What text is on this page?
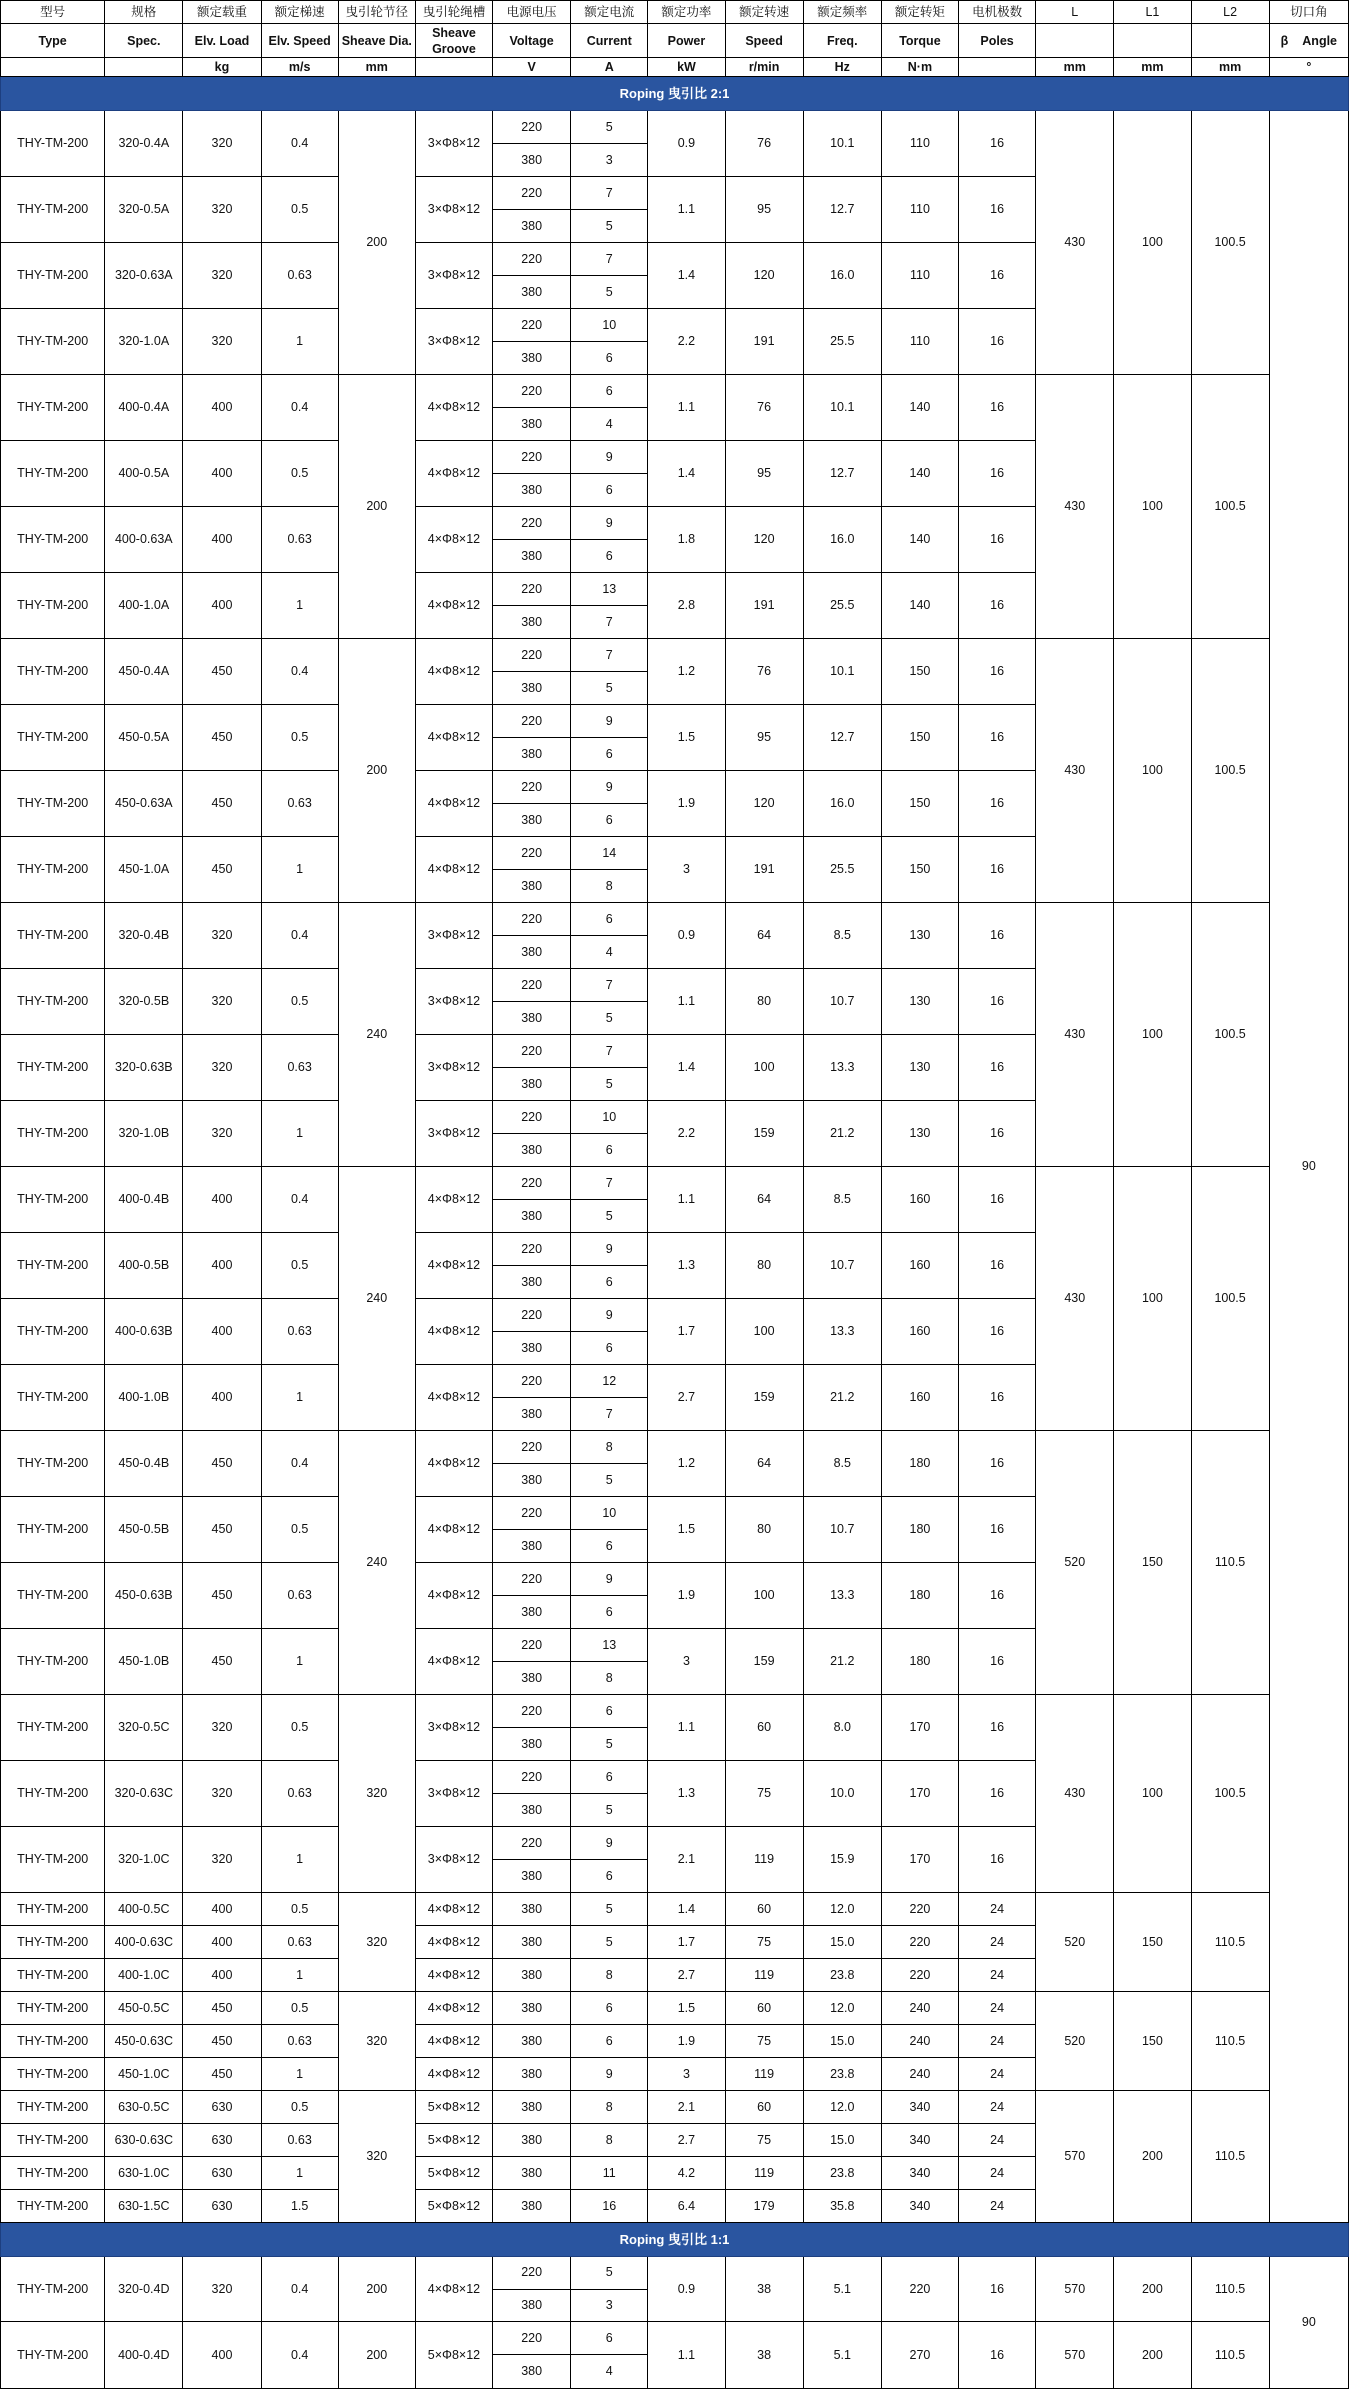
型号	规格	额定载重	额定梯速	曳引轮节径	曳引轮绳槽	电源电压	额定电流	额定功率	额定转速	额定频率	额定转矩	电机极数	L	L1	L2	切口角
Type	Spec.	Elv. Load	Elv. Speed	Sheave Dia.	Sheave Groove	Voltage	Current	Power	Speed	Freq.	Torque	Poles				β Angle
		kg	m/s	mm		V	A	kW	r/min	Hz	N·m		mm	mm	mm	°
Roping 曳引比 2:1																
THY-TM-200	320-0.4A	320	0.4	200	3×Φ8×12	220	5	0.9	76	10.1	110	16	430	100	100.5	90
						380	3									
THY-TM-200	320-0.5A	320	0.5		3×Φ8×12	220	7	1.1	95	12.7	110	16				
						380	5									
THY-TM-200	320-0.63A	320	0.63		3×Φ8×12	220	7	1.4	120	16.0	110	16				
						380	5									
THY-TM-200	320-1.0A	320	1		3×Φ8×12	220	10	2.2	191	25.5	110	16				
						380	6									
THY-TM-200	400-0.4A	400	0.4	200	4×Φ8×12	220	6	1.1	76	10.1	140	16	430	100	100.5	
						380	4									
THY-TM-200	400-0.5A	400	0.5		4×Φ8×12	220	9	1.4	95	12.7	140	16				
						380	6									
THY-TM-200	400-0.63A	400	0.63		4×Φ8×12	220	9	1.8	120	16.0	140	16				
						380	6									
THY-TM-200	400-1.0A	400	1		4×Φ8×12	220	13	2.8	191	25.5	140	16				
						380	7									
THY-TM-200	450-0.4A	450	0.4	200	4×Φ8×12	220	7	1.2	76	10.1	150	16	430	100	100.5	
						380	5									
THY-TM-200	450-0.5A	450	0.5		4×Φ8×12	220	9	1.5	95	12.7	150	16				
						380	6									
THY-TM-200	450-0.63A	450	0.63		4×Φ8×12	220	9	1.9	120	16.0	150	16				
						380	6									
THY-TM-200	450-1.0A	450	1		4×Φ8×12	220	14	3	191	25.5	150	16				
						380	8									
THY-TM-200	320-0.4B	320	0.4	240	3×Φ8×12	220	6	0.9	64	8.5	130	16	430	100	100.5	
						380	4									
THY-TM-200	320-0.5B	320	0.5		3×Φ8×12	220	7	1.1	80	10.7	130	16				
						380	5									
THY-TM-200	320-0.63B	320	0.63		3×Φ8×12	220	7	1.4	100	13.3	130	16				
						380	5									
THY-TM-200	320-1.0B	320	1		3×Φ8×12	220	10	2.2	159	21.2	130	16				
						380	6									
THY-TM-200	400-0.4B	400	0.4	240	4×Φ8×12	220	7	1.1	64	8.5	160	16	430	100	100.5	
						380	5									
THY-TM-200	400-0.5B	400	0.5		4×Φ8×12	220	9	1.3	80	10.7	160	16				
						380	6									
THY-TM-200	400-0.63B	400	0.63		4×Φ8×12	220	9	1.7	100	13.3	160	16				
						380	6									
THY-TM-200	400-1.0B	400	1		4×Φ8×12	220	12	2.7	159	21.2	160	16				
						380	7									
THY-TM-200	450-0.4B	450	0.4	240	4×Φ8×12	220	8	1.2	64	8.5	180	16	520	150	110.5	
						380	5									
THY-TM-200	450-0.5B	450	0.5		4×Φ8×12	220	10	1.5	80	10.7	180	16				
						380	6									
THY-TM-200	450-0.63B	450	0.63		4×Φ8×12	220	9	1.9	100	13.3	180	16				
						380	6									
THY-TM-200	450-1.0B	450	1		4×Φ8×12	220	13	3	159	21.2	180	16				
						380	8									
THY-TM-200	320-0.5C	320	0.5	320	3×Φ8×12	220	6	1.1	60	8.0	170	16	430	100	100.5	
						380	5									
THY-TM-200	320-0.63C	320	0.63		3×Φ8×12	220	6	1.3	75	10.0	170	16				
						380	5									
THY-TM-200	320-1.0C	320	1		3×Φ8×12	220	9	2.1	119	15.9	170	16				
						380	6									
THY-TM-200	400-0.5C	400	0.5	320	4×Φ8×12	380	5	1.4	60	12.0	220	24	520	150	110.5	
THY-TM-200	400-0.63C	400	0.63		4×Φ8×12	380	5	1.7	75	15.0	220	24				
THY-TM-200	400-1.0C	400	1		4×Φ8×12	380	8	2.7	119	23.8	220	24				
THY-TM-200	450-0.5C	450	0.5	320	4×Φ8×12	380	6	1.5	60	12.0	240	24	520	150	110.5	
THY-TM-200	450-0.63C	450	0.63		4×Φ8×12	380	6	1.9	75	15.0	240	24				
THY-TM-200	450-1.0C	450	1		4×Φ8×12	380	9	3	119	23.8	240	24				
THY-TM-200	630-0.5C	630	0.5	320	5×Φ8×12	380	8	2.1	60	12.0	340	24	570	200	110.5	
THY-TM-200	630-0.63C	630	0.63		5×Φ8×12	380	8	2.7	75	15.0	340	24				
THY-TM-200	630-1.0C	630	1		5×Φ8×12	380	11	4.2	119	23.8	340	24				
THY-TM-200	630-1.5C	630	1.5		5×Φ8×12	380	16	6.4	179	35.8	340	24				
Roping 曳引比 1:1																
THY-TM-200	320-0.4D	320	0.4	200	4×Φ8×12	220	5	0.9	38	5.1	220	16	570	200	110.5	90
						380	3									
THY-TM-200	400-0.4D	400	0.4	200	5×Φ8×12	220	6	1.1	38	5.1	270	16	570	200	110.5	
						380	4									
